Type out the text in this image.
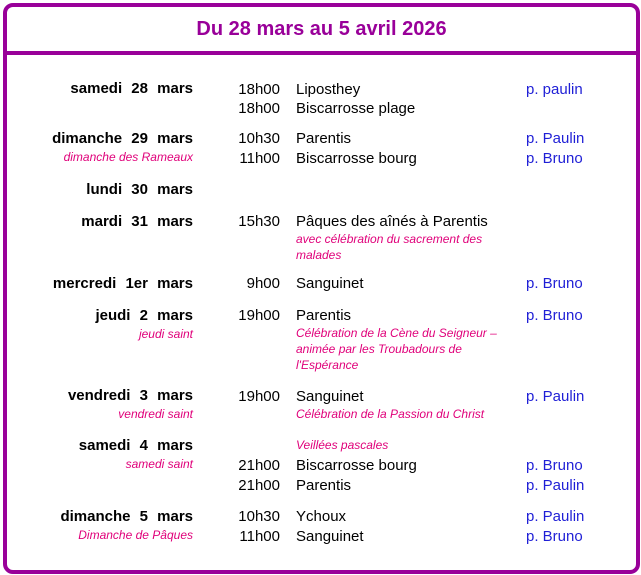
Du 28 mars au 5 avril 2026
samedi 28 mars	18h00 Liposthey	p. paulin
18h00 Biscarrosse plage
dimanche 29 mars
dimanche des Rameaux
10h30 Parentis	p. Paulin
11h00 Biscarrosse bourg	p. Bruno
lundi 30 mars
mardi 31 mars	15h30 Pâques des aînés à Parentis
avec célébration du sacrement des malades
mercredi 1er mars	9h00 Sanguinet	p. Bruno
jeudi 2 mars
jeudi saint
19h00 Parentis	p. Bruno
Célébration de la Cène du Seigneur – animée par les Troubadours de l'Espérance
vendredi 3 mars
vendredi saint
19h00 Sanguinet	p. Paulin
Célébration de la Passion du Christ
samedi 4 mars
samedi saint
Veillées pascales
21h00 Biscarrosse bourg	p. Bruno
21h00 Parentis	p. Paulin
dimanche 5 mars
Dimanche de Pâques
10h30 Ychoux	p. Paulin
11h00 Sanguinet	p. Bruno
